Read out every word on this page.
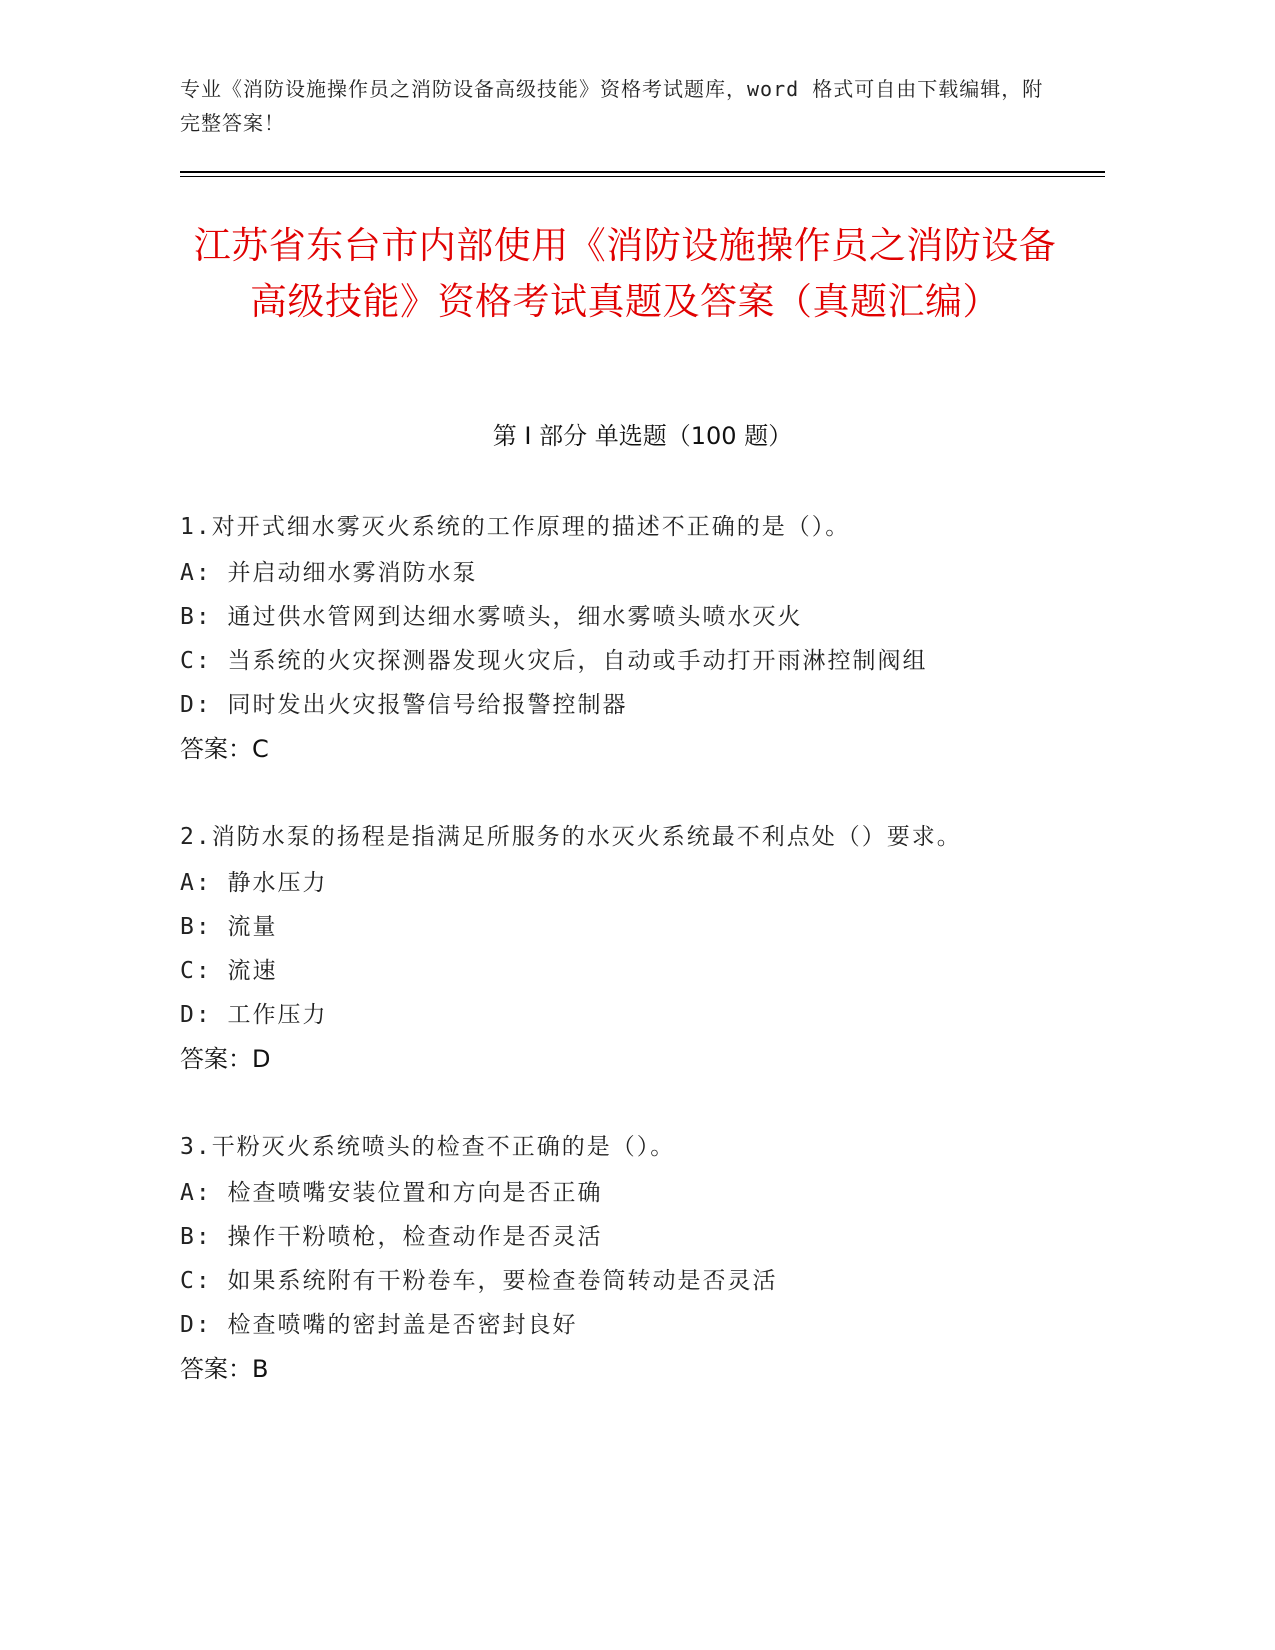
专业《消防设施操作员之消防设备高级技能》资格考试题库，word 格式可自由下载编辑，附完整答案！
江苏省东台市内部使用《消防设施操作员之消防设备高级技能》资格考试真题及答案（真题汇编）
第 I 部分 单选题（100 题）

1.对开式细水雾灭火系统的工作原理的描述不正确的是（）。

A: 并启动细水雾消防水泵

B: 通过供水管网到达细水雾喷头，细水雾喷头喷水灭火

C: 当系统的火灾探测器发现火灾后，自动或手动打开雨淋控制阀组

D: 同时发出火灾报警信号给报警控制器

答案：C

2.消防水泵的扬程是指满足所服务的水灭火系统最不利点处（）要求。

A: 静水压力

B: 流量

C: 流速

D: 工作压力

答案：D

3.干粉灭火系统喷头的检查不正确的是（）。

A: 检查喷嘴安装位置和方向是否正确

B: 操作干粉喷枪，检查动作是否灵活

C: 如果系统附有干粉卷车，要检查卷筒转动是否灵活

D: 检查喷嘴的密封盖是否密封良好

答案：B
